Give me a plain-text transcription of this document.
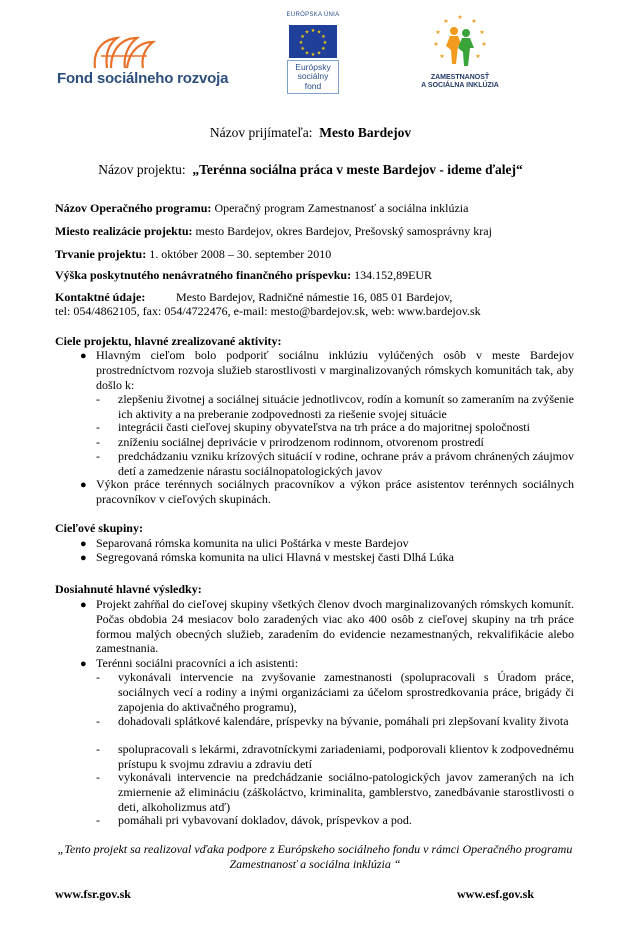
Fond sociálneho rozvoja
EURÓPSKA ÚNIA
★ ★
★
★
★
★
★
★
★
★
★
★
Európsky
sociálny
fond
★
★	★
★	★
★	★
★	★
ZAMESTNANOSŤ
A SOCIÁLNA INKLÚZIA
Názov prijímateľa: Mesto Bardejov
Názov projektu: „Terénna sociálna práca v meste Bardejov - ideme ďalej“
Názov Operačného programu: Operačný program Zamestnanosť a sociálna inklúzia
Miesto realizácie projektu: mesto Bardejov, okres Bardejov, Prešovský samosprávny kraj
Trvanie projektu: 1. október 2008 – 30. september 2010
Výška poskytnutého nenávratného finančného príspevku: 134.152,89EUR
Kontaktné údaje:	Mesto Bardejov, Radničné námestie 16, 085 01 Bardejov,
tel: 054/4862105, fax: 054/4722476, e-mail: mesto@bardejov.sk, web: www.bardejov.sk
Ciele projektu, hlavné zrealizované aktivity:
● Hlavným cieľom bolo podporiť sociálnu inklúziu vylúčených osôb v meste Bardejov prostredníctvom rozvoja služieb starostlivosti v marginalizovaných rómskych komunitách tak, aby došlo k:
- zlepšeniu životnej a sociálnej situácie jednotlivcov, rodín a komunít so zameraním na zvýšenie ich aktivity a na preberanie zodpovednosti za riešenie svojej situácie
- integrácii časti cieľovej skupiny obyvateľstva na trh práce a do majoritnej spoločnosti
- zníženiu sociálnej deprivácie v prirodzenom rodinnom, otvorenom prostredí
- predchádzaniu vzniku krízových situácií v rodine, ochrane práv a právom chránených záujmov detí a zamedzenie nárastu sociálnopatologických javov
● Výkon práce terénnych sociálnych pracovníkov a výkon práce asistentov terénnych sociálnych pracovníkov v cieľových skupinách.
Cieľové skupiny:
● Separovaná rómska komunita na ulici Poštárka v meste Bardejov
● Segregovaná rómska komunita na ulici Hlavná v mestskej časti Dlhá Lúka
Dosiahnuté hlavné výsledky:
● Projekt zahŕňal do cieľovej skupiny všetkých členov dvoch marginalizovaných rómskych komunít. Počas obdobia 24 mesiacov bolo zaradených viac ako 400 osôb z cieľovej skupiny na trh práce formou malých obecných služieb, zaradením do evidencie nezamestnaných, rekvalifikácie alebo zamestnania.
● Terénni sociálni pracovníci a ich asistenti:
- vykonávali intervencie na zvyšovanie zamestnanosti (spolupracovali s Úradom práce, sociálnych vecí a rodiny a inými organizáciami za účelom sprostredkovania práce, brigády či zapojenia do aktivačného programu),
- dohadovali splátkové kalendáre, príspevky na bývanie, pomáhali pri zlepšovaní kvality života
- spolupracovali s lekármi, zdravotníckymi zariadeniami, podporovali klientov k zodpovednému prístupu k svojmu zdraviu a zdraviu detí
- vykonávali intervencie na predchádzanie sociálno-patologických javov zameraných na ich zmiernenie až elimináciu (záškoláctvo, kriminalita, gamblerstvo, zanedbávanie starostlivosti o deti, alkoholizmus atď)
- pomáhali pri vybavovaní dokladov, dávok, príspevkov a pod.
„Tento projekt sa realizoval vďaka podpore z Európskeho sociálneho fondu v rámci Operačného programu Zamestnanosť a sociálna inklúzia “
www.fsr.gov.sk	www.esf.gov.sk
